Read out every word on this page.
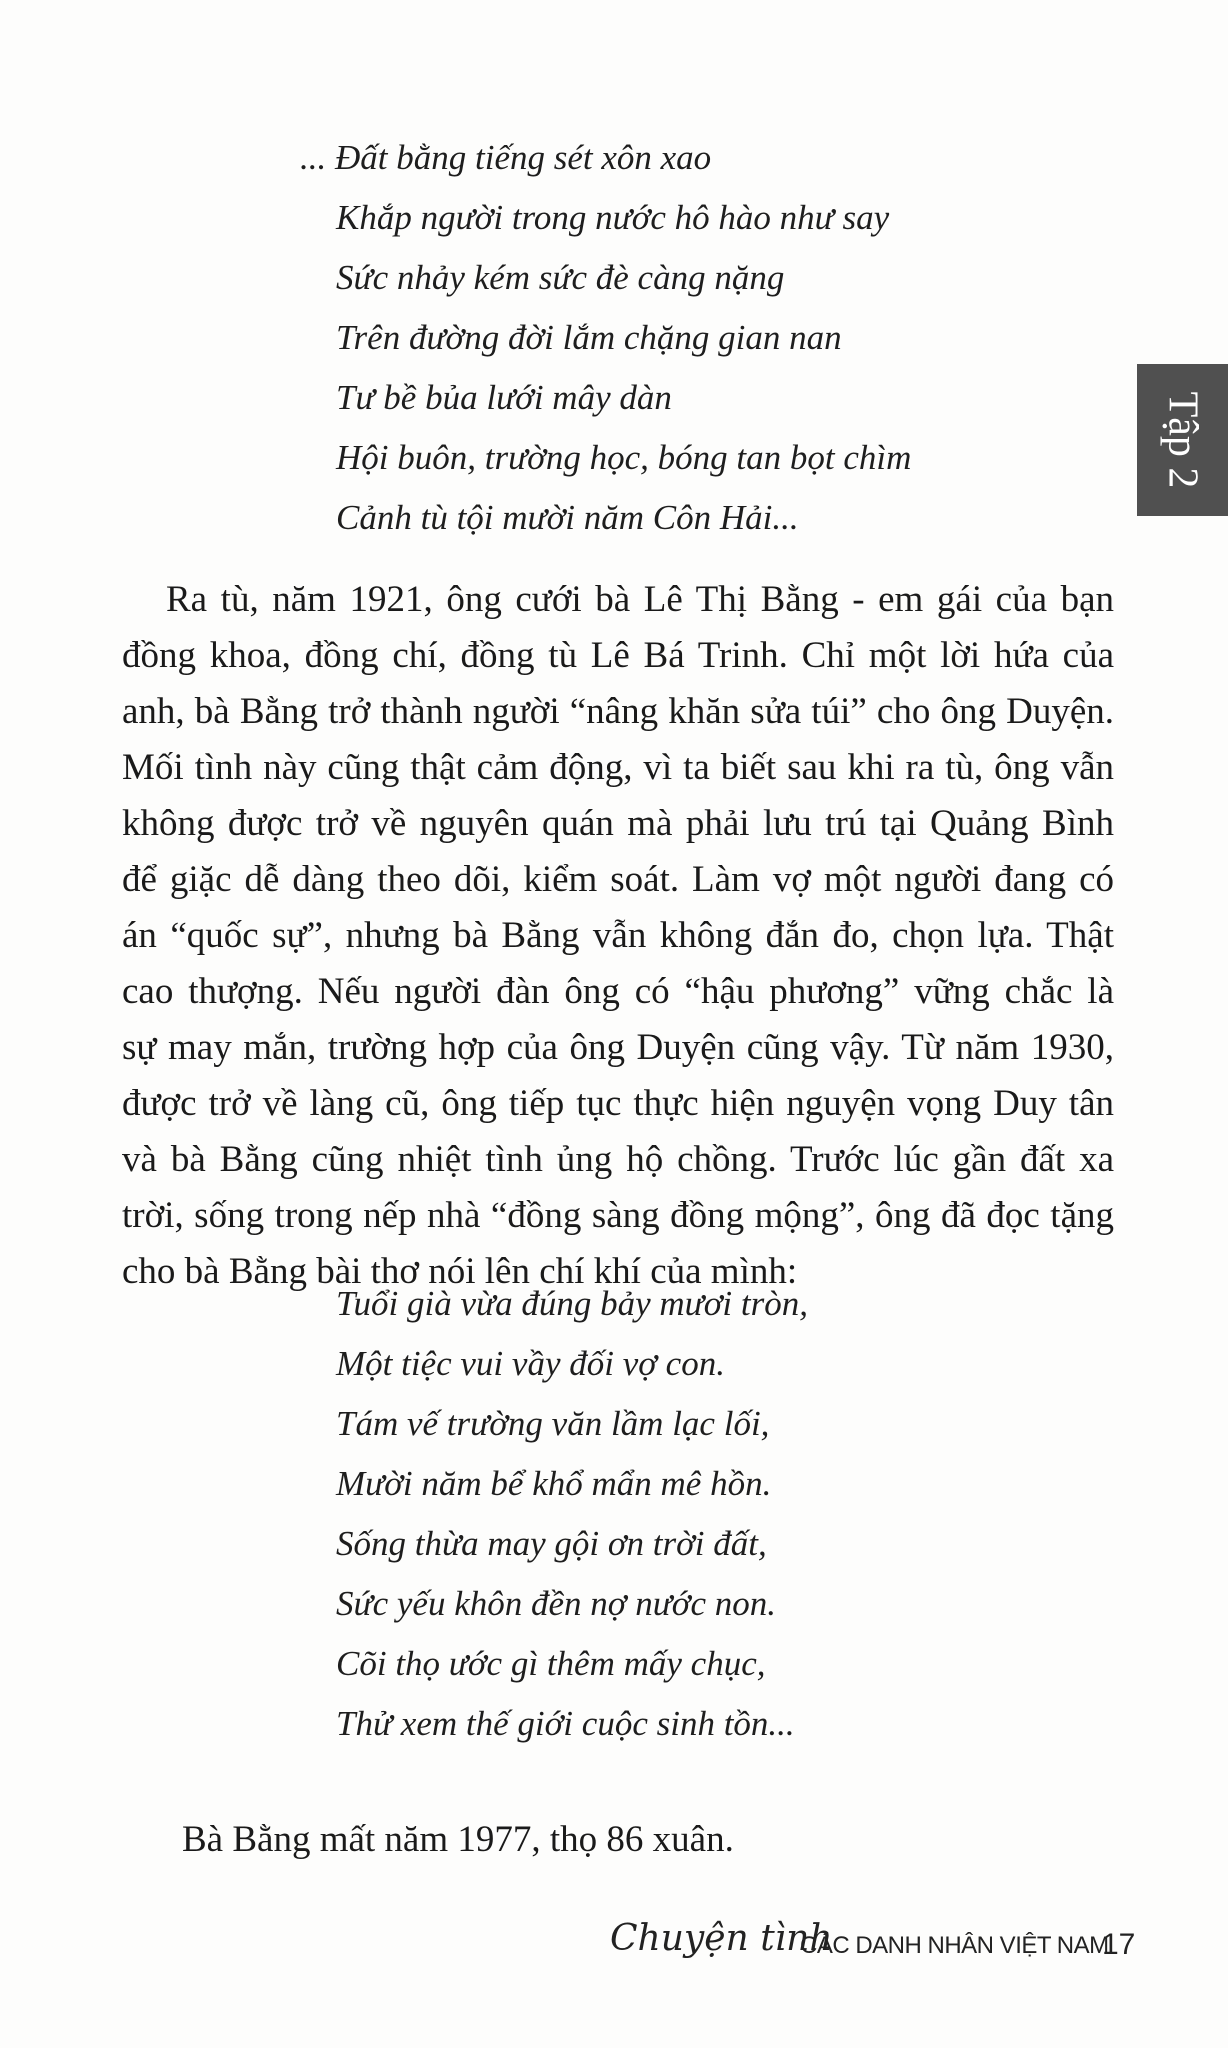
... Đất bằng tiếng sét xôn xao
Khắp người trong nước hô hào như say
Sức nhảy kém sức đè càng nặng
Trên đường đời lắm chặng gian nan
Tư bề bủa lưới mây dàn
Hội buôn, trường học, bóng tan bọt chìm
Cảnh tù tội mười năm Côn Hải...
Tập 2
Ra tù, năm 1921, ông cưới bà Lê Thị Bằng - em gái của bạn
đồng khoa, đồng chí, đồng tù Lê Bá Trinh. Chỉ một lời hứa của
anh, bà Bằng trở thành người “nâng khăn sửa túi” cho ông Duyện.
Mối tình này cũng thật cảm động, vì ta biết sau khi ra tù, ông vẫn
không được trở về nguyên quán mà phải lưu trú tại Quảng Bình
để giặc dễ dàng theo dõi, kiểm soát. Làm vợ một người đang có
án “quốc sự”, nhưng bà Bằng vẫn không đắn đo, chọn lựa. Thật
cao thượng. Nếu người đàn ông có “hậu phương” vững chắc là
sự may mắn, trường hợp của ông Duyện cũng vậy. Từ năm 1930,
được trở về làng cũ, ông tiếp tục thực hiện nguyện vọng Duy tân
và bà Bằng cũng nhiệt tình ủng hộ chồng. Trước lúc gần đất xa
trời, sống trong nếp nhà “đồng sàng đồng mộng”, ông đã đọc tặng
cho bà Bằng bài thơ nói lên chí khí của mình:
Tuổi già vừa đúng bảy mươi tròn,
Một tiệc vui vầy đối vợ con.
Tám vế trường văn lầm lạc lối,
Mười năm bể khổ mẩn mê hồn.
Sống thừa may gội ơn trời đất,
Sức yếu khôn đền nợ nước non.
Cõi thọ ước gì thêm mấy chục,
Thử xem thế giới cuộc sinh tồn...
Bà Bằng mất năm 1977, thọ 86 xuân.
Chuyện tình
CÁC DANH NHÂN VIỆT NAM
17
